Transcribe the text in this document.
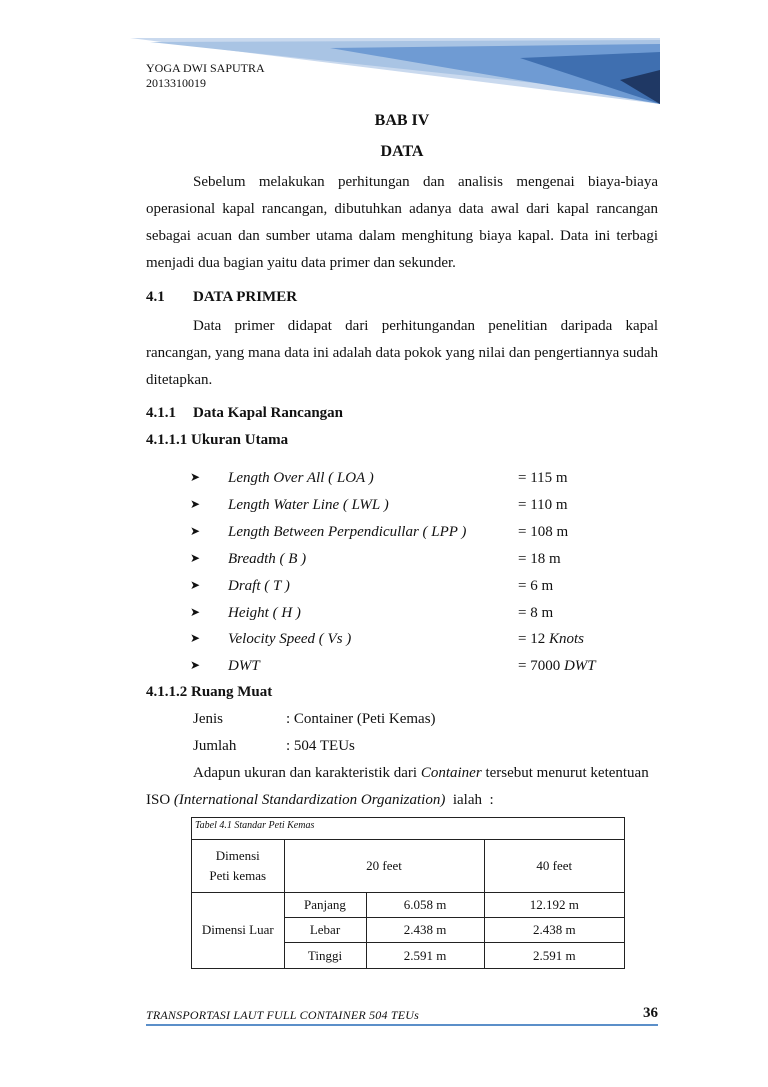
YOGA DWI SAPUTRA
2013310019
BAB IV
DATA
Sebelum melakukan perhitungan dan analisis mengenai biaya-biaya operasional kapal rancangan, dibutuhkan adanya data awal dari kapal rancangan sebagai acuan dan sumber utama dalam menghitung biaya kapal. Data ini terbagi menjadi dua bagian yaitu data primer dan sekunder.
4.1 DATA PRIMER
Data primer didapat dari perhitungandan penelitian daripada kapal rancangan, yang mana data ini adalah data pokok yang nilai dan pengertiannya sudah ditetapkan.
4.1.1 Data Kapal Rancangan
4.1.1.1 Ukuran Utama
➤ Length Over All ( LOA )	= 115 m
➤ Length Water Line ( LWL )	= 110 m
➤ Length Between Perpendicullar ( LPP )	= 108 m
➤ Breadth ( B )	= 18 m
➤ Draft ( T )	= 6 m
➤ Height ( H )	= 8 m
➤ Velocity Speed ( Vs )	= 12 Knots
➤ DWT	= 7000 DWT
4.1.1.2 Ruang Muat
Jenis	: Container (Peti Kemas)
Jumlah	: 504 TEUs
Adapun ukuran dan karakteristik dari Container tersebut menurut ketentuan
ISO (International Standardization Organization)  ialah  :
Tabel 4.1 Standar Peti Kemas
Dimensi
Peti kemas	20 feet		40 feet
Dimensi Luar	Panjang	6.058 m	12.192 m
	Lebar	2.438 m	2.438 m
	Tinggi	2.591 m	2.591 m
TRANSPORTASI LAUT FULL CONTAINER 504 TEUs	36
